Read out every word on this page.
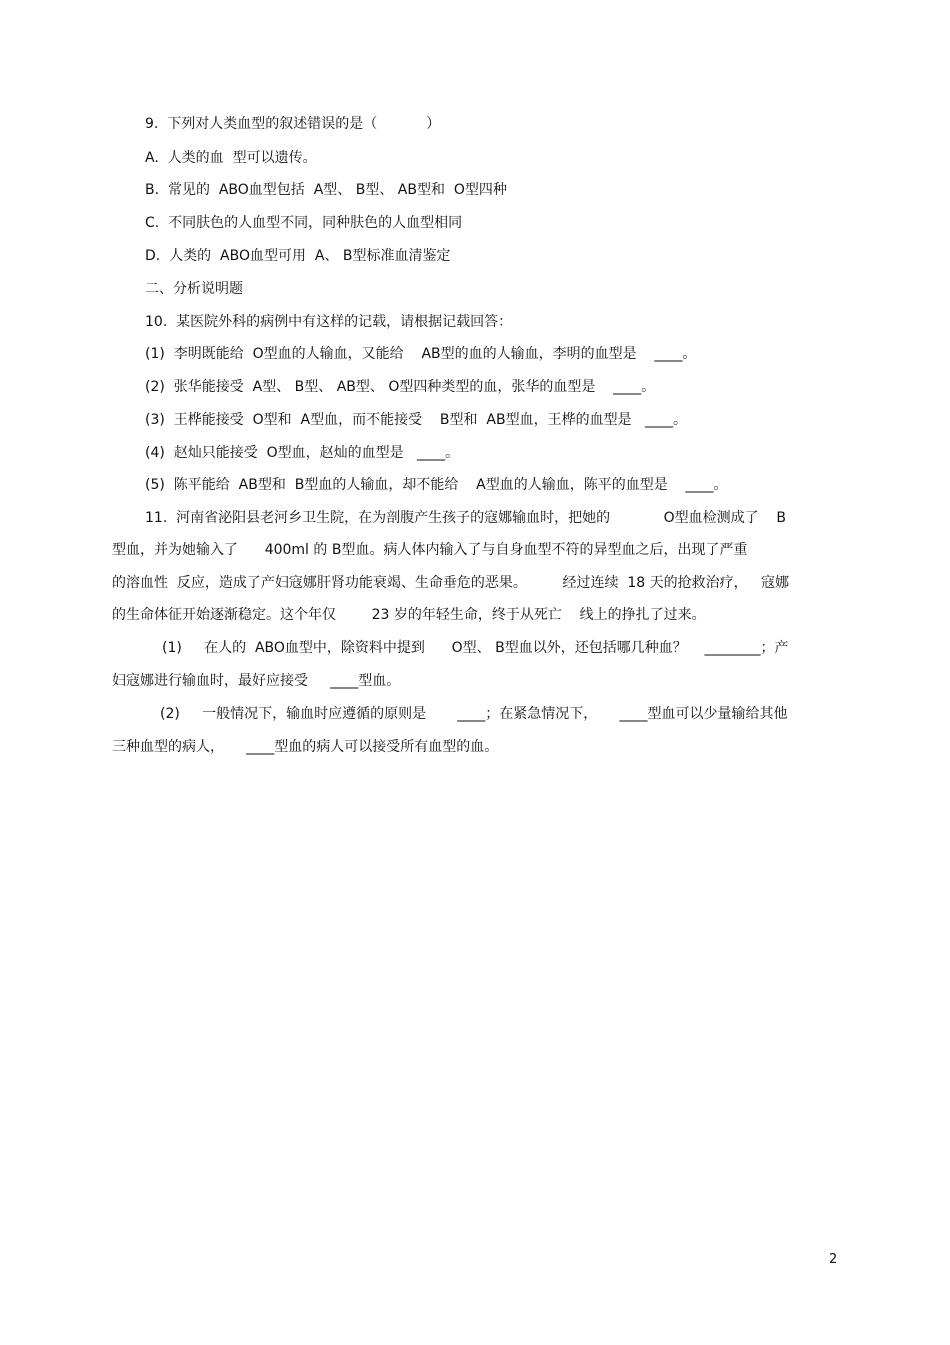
9.  下列对人类血型的叙述错误的是（           ）
A.  人类的血  型可以遗传。
B.  常见的  ABO血型包括  A型、 B型、 AB型和  O型四种
C.  不同肤色的人血型不同，同种肤色的人血型相同
D.  人类的  ABO血型可用  A、 B型标准血清鉴定
二、分析说明题
10.  某医院外科的病例中有这样的记载，请根据记载回答：
(1)  李明既能给  O型血的人输血，又能给    AB型的血的人输血，李明的血型是    ____。
(2)  张华能接受  A型、 B型、 AB型、 O型四种类型的血，张华的血型是    ____。
(3)  王桦能接受  O型和  A型血，而不能接受    B型和  AB型血，王桦的血型是   ____。
(4)  赵灿只能接受  O型血，赵灿的血型是   ____。
(5)  陈平能给  AB型和  B型血的人输血，却不能给    A型血的人输血，陈平的血型是    ____。
11.  河南省泌阳县老河乡卫生院，在为剖腹产生孩子的寇娜输血时，把她的            O型血检测成了    B
型血，并为她输入了      400ml 的 B型血。病人体内输入了与自身血型不符的异型血之后，出现了严重
的溶血性  反应，造成了产妇寇娜肝肾功能衰竭、生命垂危的恶果。        经过连续  18 天的抢救治疗，   寇娜
的生命体征开始逐渐稳定。这个年仅        23 岁的年轻生命，终于从死亡    线上的挣扎了过来。
(1)     在人的  ABO血型中，除资料中提到      O型、 B型血以外，还包括哪几种血？    ________；产
妇寇娜进行输血时，最好应接受     ____型血。
(2)     一般情况下，输血时应遵循的原则是       ____；在紧急情况下，     ____型血可以少量输给其他
三种血型的病人，     ____型血的病人可以接受所有血型的血。
2
